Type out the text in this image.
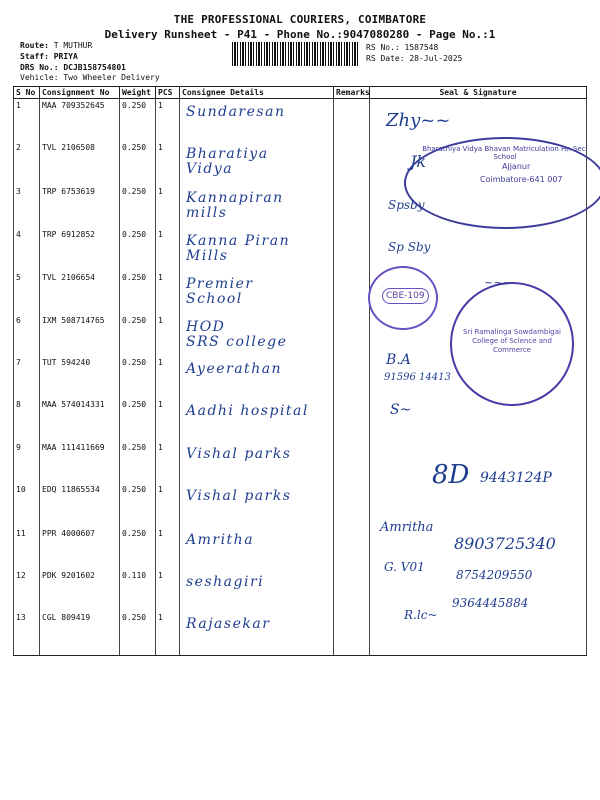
THE PROFESSIONAL COURIERS, COIMBATORE
Delivery Runsheet - P41 - Phone No.:9047080280 - Page No.:1
Route: T MUTHUR
Staff: PRIYA
DRS No.: DCJB158754801
Vehicle: Two Wheeler Delivery
RS No.: 1587548
RS Date: 28-Jul-2025
S No	Consignment No	Weight	PCS	Consignee Details	Remarks	Seal & Signature
1	MAA 709352645	0.250	1	Sundaresan		

2	TVL 2106508	0.250	1	Bharatiya
Vidya		

3	TRP 6753619	0.250	1	Kannapiran
mills		

4	TRP 6912852	0.250	1	Kanna Piran
Mills		

5	TVL 2106654	0.250	1	Premier
School		

6	IXM 508714765	0.250	1	HOD
SRS college		

7	TUT 594240	0.250	1	Ayeerathan		

8	MAA 574014331	0.250	1	Aadhi hospital		

9	MAA 111411669	0.250	1	Vishal parks		

10	EDQ 11865534	0.250	1	Vishal parks		

11	PPR 4000607	0.250	1	Amritha		

12	PDK 9201602	0.110	1	seshagiri		

13	CGL 809419	0.250	1	Rajasekar		

Ajjanur
Coimbatore-641 007
Bharathiya Vidya Bhavan Matriculation Hr. Sec. School
CBE-109
Sri Ramalinga Sowdambigai College of Science and Commerce
Zhy~~
Jk
Spsby
Sp Sby
~~~
B.A
91596 14413
S~
8D 9443124P
Amritha
8903725340
G. V01
8754209550
R.lc~
9364445884
